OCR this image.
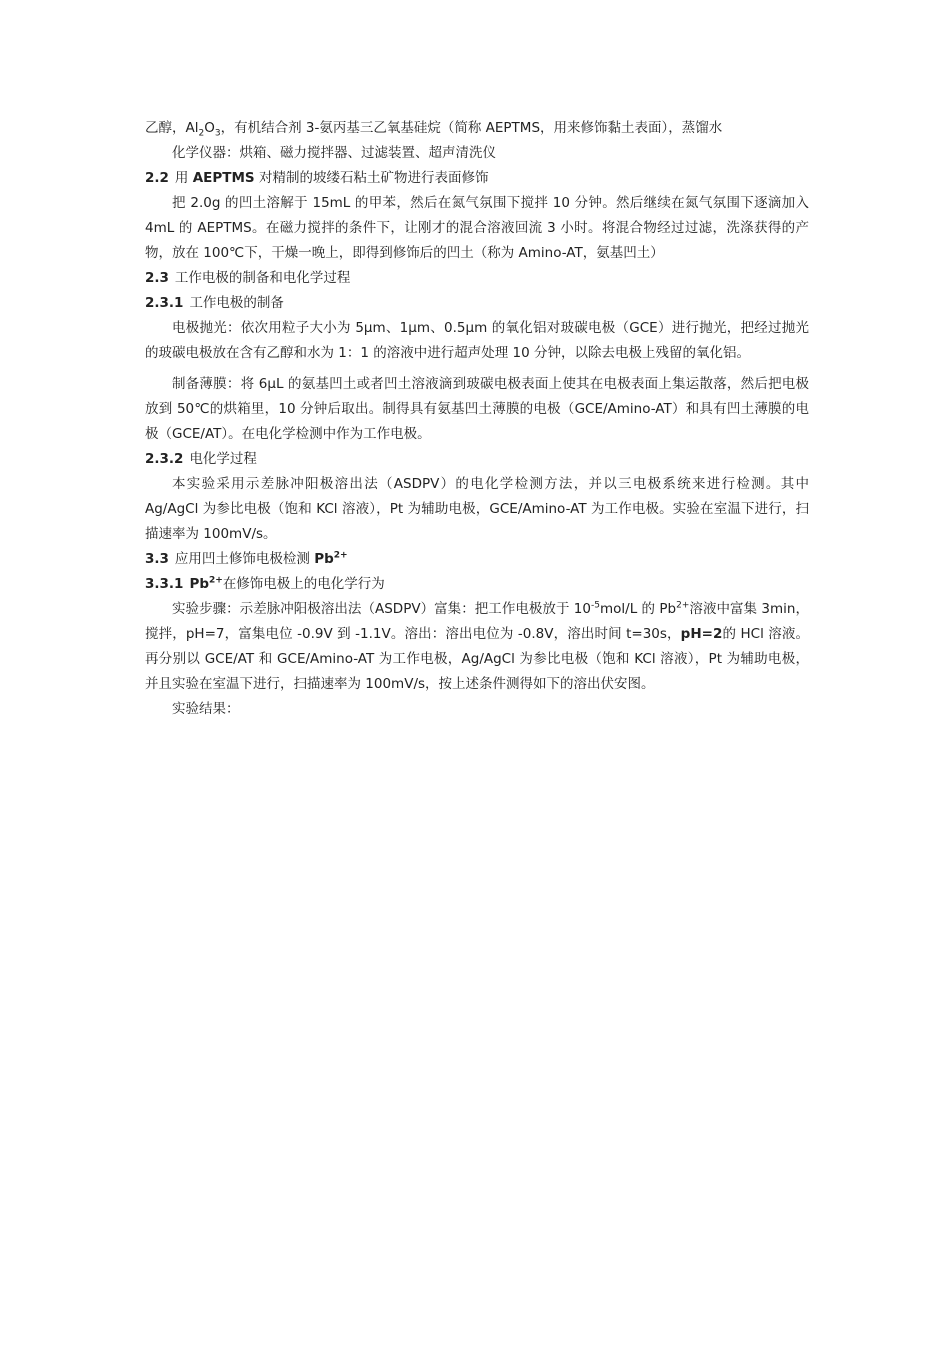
乙醇，$Al_2O_3$，有机结合剂 3-氨丙基三乙氧基硅烷（简称 AEPTMS，用来修饰黏土表面），蒸馏水

化学仪器：烘箱、磁力搅拌器、过滤装置、超声清洗仪

2.2 用 AEPTMS 对精制的坡缕石粘土矿物进行表面修饰

把 2.0g 的凹土溶解于 15mL 的甲苯，然后在氮气氛围下搅拌 10 分钟。然后继续在氮气氛围下逐滴加入 4mL 的 AEPTMS。在磁力搅拌的条件下，让刚才的混合溶液回流 3 小时。将混合物经过过滤，洗涤获得的产物，放在 100℃下，干燥一晚上，即得到修饰后的凹土（称为 Amino-AT，氨基凹土）

2.3 工作电极的制备和电化学过程

2.3.1 工作电极的制备

电极抛光：依次用粒子大小为 5μm、1μm、0.5μm 的氧化铝对玻碳电极（GCE）进行抛光，把经过抛光的玻碳电极放在含有乙醇和水为 1：1 的溶液中进行超声处理 10 分钟，以除去电极上残留的氧化铝。

制备薄膜：将 6μL 的氨基凹土或者凹土溶液滴到玻碳电极表面上使其在电极表面上集运散落，然后把电极放到 50℃的烘箱里，10 分钟后取出。制得具有氨基凹土薄膜的电极（GCE/Amino-AT）和具有凹土薄膜的电极（GCE/AT）。在电化学检测中作为工作电极。

2.3.2 电化学过程

本实验采用示差脉冲阳极溶出法（ASDPV）的电化学检测方法，并以三电极系统来进行检测。其中 Ag/AgCl 为参比电极（饱和 KCl 溶液），Pt 为辅助电极，GCE/Amino-AT 为工作电极。实验在室温下进行，扫描速率为 100mV/s。

3.3 应用凹土修饰电极检测 $Pb^{2+}$

3.3.1 $Pb^{2+}$在修饰电极上的电化学行为

实验步骤：示差脉冲阳极溶出法（ASDPV）富集：把工作电极放于 $10^{-5}mol/L$ 的 $Pb^{2+}$溶液中富集 3min，搅拌，pH=7，富集电位 -0.9V 到 -1.1V。溶出：溶出电位为 -0.8V，溶出时间 t=30s，pH=2的 HCl 溶液。再分别以 GCE/AT 和 GCE/Amino-AT 为工作电极，Ag/AgCl 为参比电极（饱和 KCl 溶液），Pt 为辅助电极，并且实验在室温下进行，扫描速率为 100mV/s，按上述条件测得如下的溶出伏安图。

实验结果：
